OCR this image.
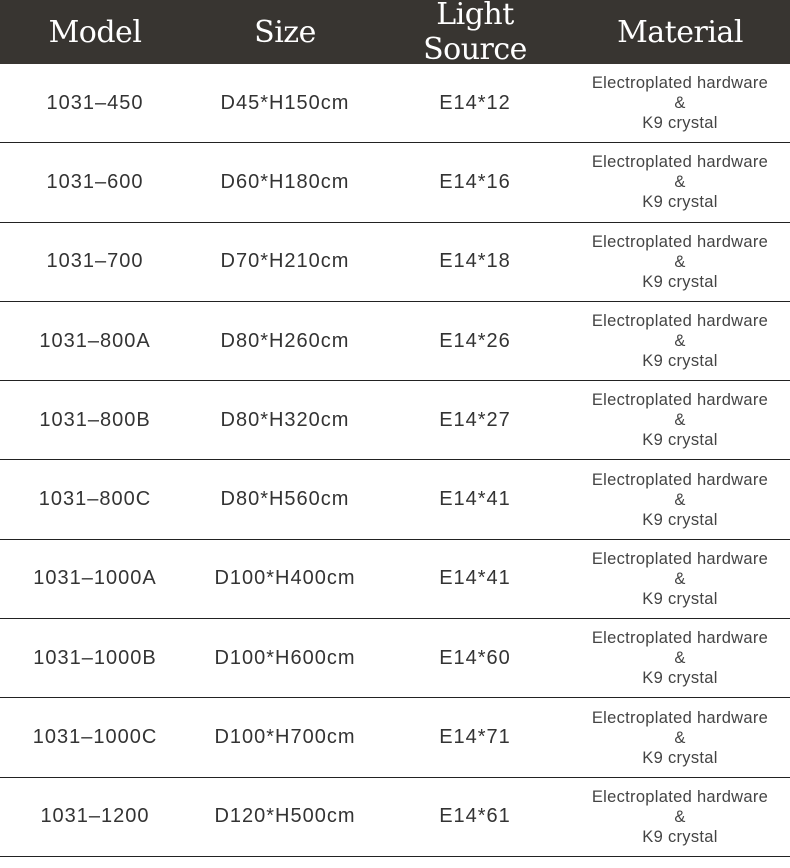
Model	Size	Light Source	Material
1031–450	D45*H150cm	E14*12
Electroplated hardware
&
K9 crystal
1031–600	D60*H180cm	E14*16
Electroplated hardware
&
K9 crystal
1031–700	D70*H210cm	E14*18
Electroplated hardware
&
K9 crystal
1031–800A	D80*H260cm	E14*26
Electroplated hardware
&
K9 crystal
1031–800B	D80*H320cm	E14*27
Electroplated hardware
&
K9 crystal
1031–800C	D80*H560cm	E14*41
Electroplated hardware
&
K9 crystal
1031–1000A	D100*H400cm	E14*41
Electroplated hardware
&
K9 crystal
1031–1000B	D100*H600cm	E14*60
Electroplated hardware
&
K9 crystal
1031–1000C	D100*H700cm	E14*71
Electroplated hardware
&
K9 crystal
1031–1200	D120*H500cm	E14*61
Electroplated hardware
&
K9 crystal
